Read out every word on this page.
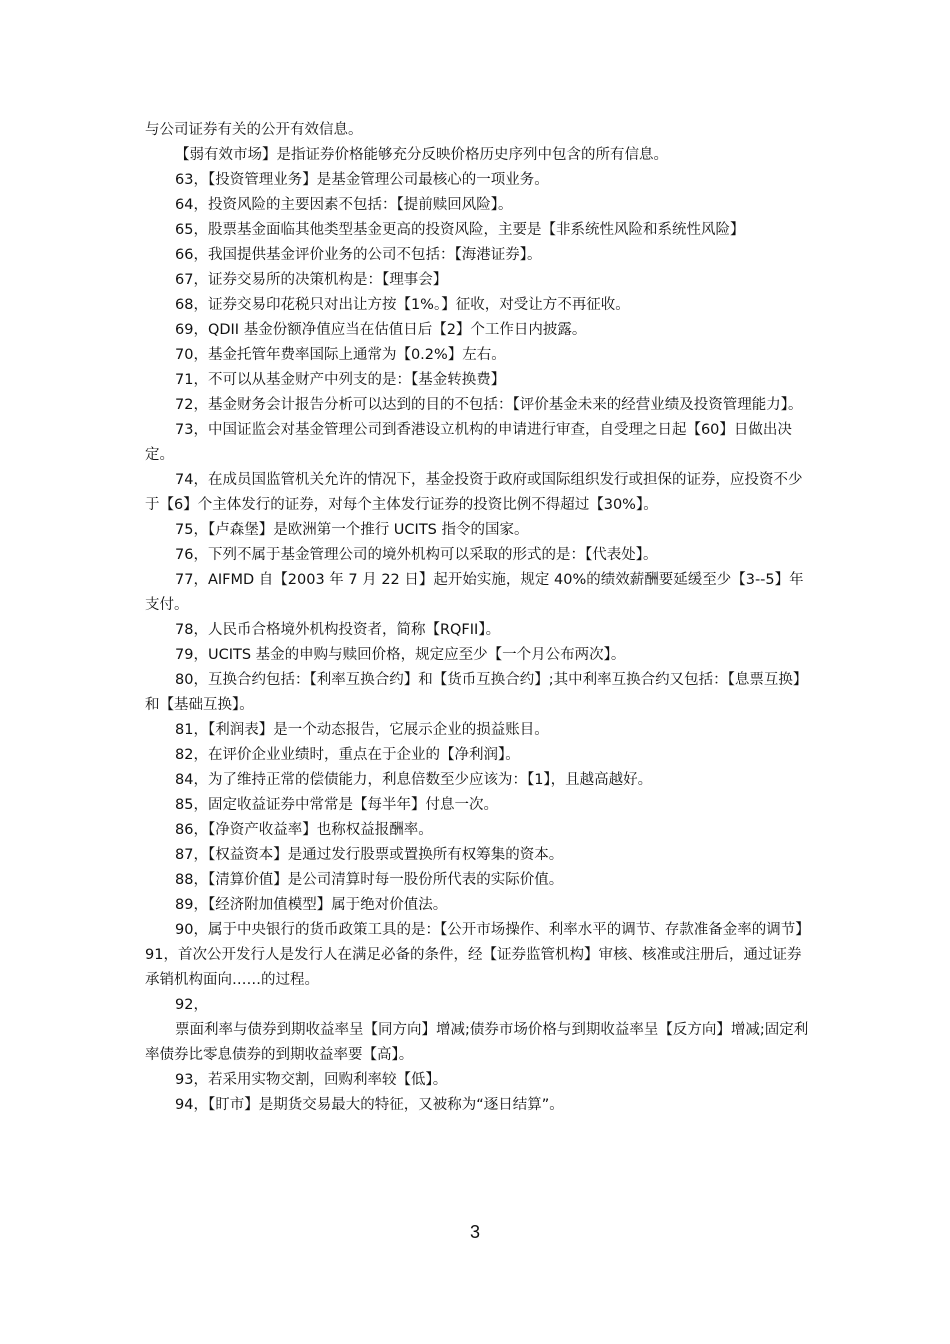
与公司证券有关的公开有效信息。

【弱有效市场】是指证券价格能够充分反映价格历史序列中包含的所有信息。

63，【投资管理业务】是基金管理公司最核心的一项业务。

64，投资风险的主要因素不包括：【提前赎回风险】。

65，股票基金面临其他类型基金更高的投资风险，主要是【非系统性风险和系统性风险】

66，我国提供基金评价业务的公司不包括：【海港证券】。

67，证券交易所的决策机构是：【理事会】

68，证券交易印花税只对出让方按【1%。】征收，对受让方不再征收。

69，QDII 基金份额净值应当在估值日后【2】个工作日内披露。

70，基金托管年费率国际上通常为【0.2%】左右。

71，不可以从基金财产中列支的是：【基金转换费】

72，基金财务会计报告分析可以达到的目的不包括：【评价基金未来的经营业绩及投资管理能力】。

73，中国证监会对基金管理公司到香港设立机构的申请进行审查，自受理之日起【60】日做出决定。

74，在成员国监管机关允许的情况下，基金投资于政府或国际组织发行或担保的证券，应投资不少于【6】个主体发行的证券，对每个主体发行证券的投资比例不得超过【30%】。

75，【卢森堡】是欧洲第一个推行 UCITS 指令的国家。

76，下列不属于基金管理公司的境外机构可以采取的形式的是：【代表处】。

77，AIFMD 自【2003 年 7 月 22 日】起开始实施，规定 40%的绩效薪酬要延缓至少【3--5】年支付。

78，人民币合格境外机构投资者，简称【RQFII】。

79，UCITS 基金的申购与赎回价格，规定应至少【一个月公布两次】。

80，互换合约包括：【利率互换合约】和【货币互换合约】;其中利率互换合约又包括：【息票互换】和【基础互换】。

81，【利润表】是一个动态报告，它展示企业的损益账目。

82，在评价企业业绩时，重点在于企业的【净利润】。

84，为了维持正常的偿债能力，利息倍数至少应该为：【1】，且越高越好。

85，固定收益证券中常常是【每半年】付息一次。

86，【净资产收益率】也称权益报酬率。

87，【权益资本】是通过发行股票或置换所有权筹集的资本。

88，【清算价值】是公司清算时每一股份所代表的实际价值。

89，【经济附加值模型】属于绝对价值法。

90，属于中央银行的货币政策工具的是：【公开市场操作、利率水平的调节、存款准备金率的调节】

91，首次公开发行人是发行人在满足必备的条件，经【证券监管机构】审核、核准或注册后，通过证券承销机构面向……的过程。

92，

票面利率与债券到期收益率呈【同方向】增减;债券市场价格与到期收益率呈【反方向】增减;固定利率债券比零息债券的到期收益率要【高】。

93，若采用实物交割，回购利率较【低】。

94，【盯市】是期货交易最大的特征，又被称为“逐日结算”。

3
